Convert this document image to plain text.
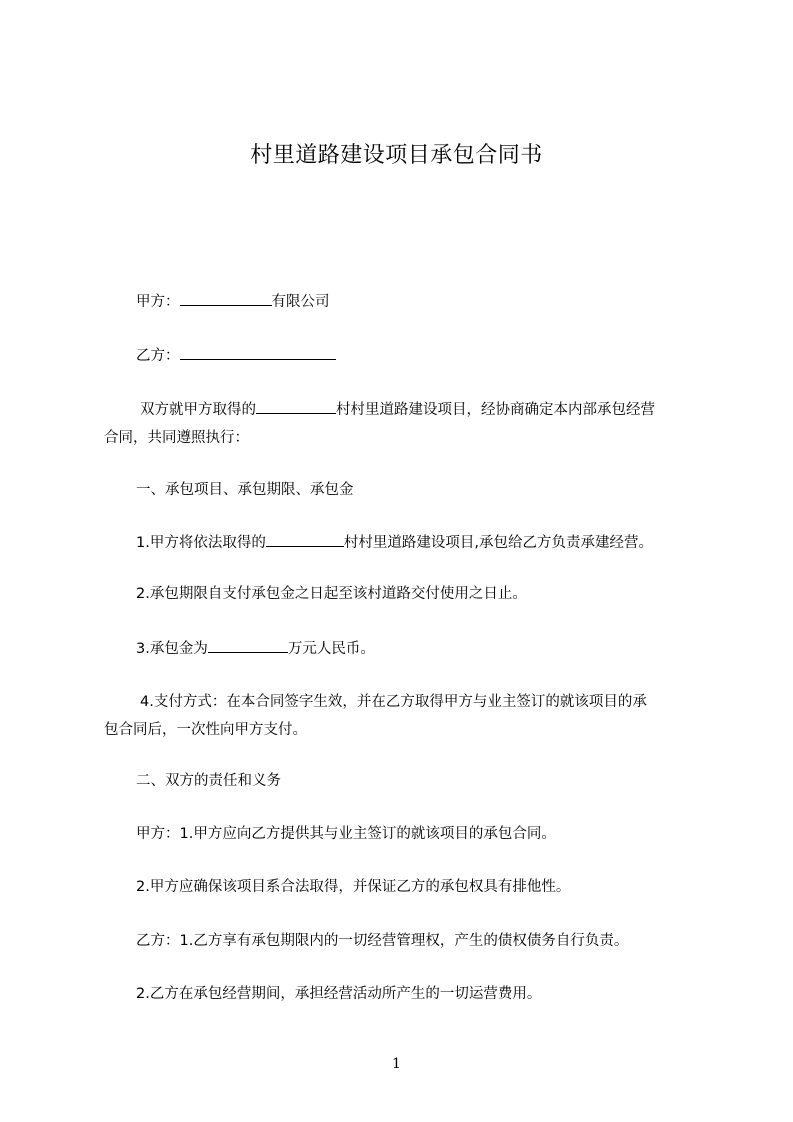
村里道路建设项目承包合同书
甲方：	有限公司
乙方：
双方就甲方取得的	村村里道路建设项目，经协商确定本内部承包经营
合同，共同遵照执行：
一、承包项目、承包期限、承包金
1.甲方将依法取得的	村村里道路建设项目,承包给乙方负责承建经营。
2.承包期限自支付承包金之日起至该村道路交付使用之日止。
3.承包金为	万元人民币。
4.支付方式：在本合同签字生效，并在乙方取得甲方与业主签订的就该项目的承
包合同后，一次性向甲方支付。
二、双方的责任和义务
甲方：1.甲方应向乙方提供其与业主签订的就该项目的承包合同。
2.甲方应确保该项目系合法取得，并保证乙方的承包权具有排他性。
乙方：1.乙方享有承包期限内的一切经营管理权，产生的债权债务自行负责。
2.乙方在承包经营期间，承担经营活动所产生的一切运营费用。
1
